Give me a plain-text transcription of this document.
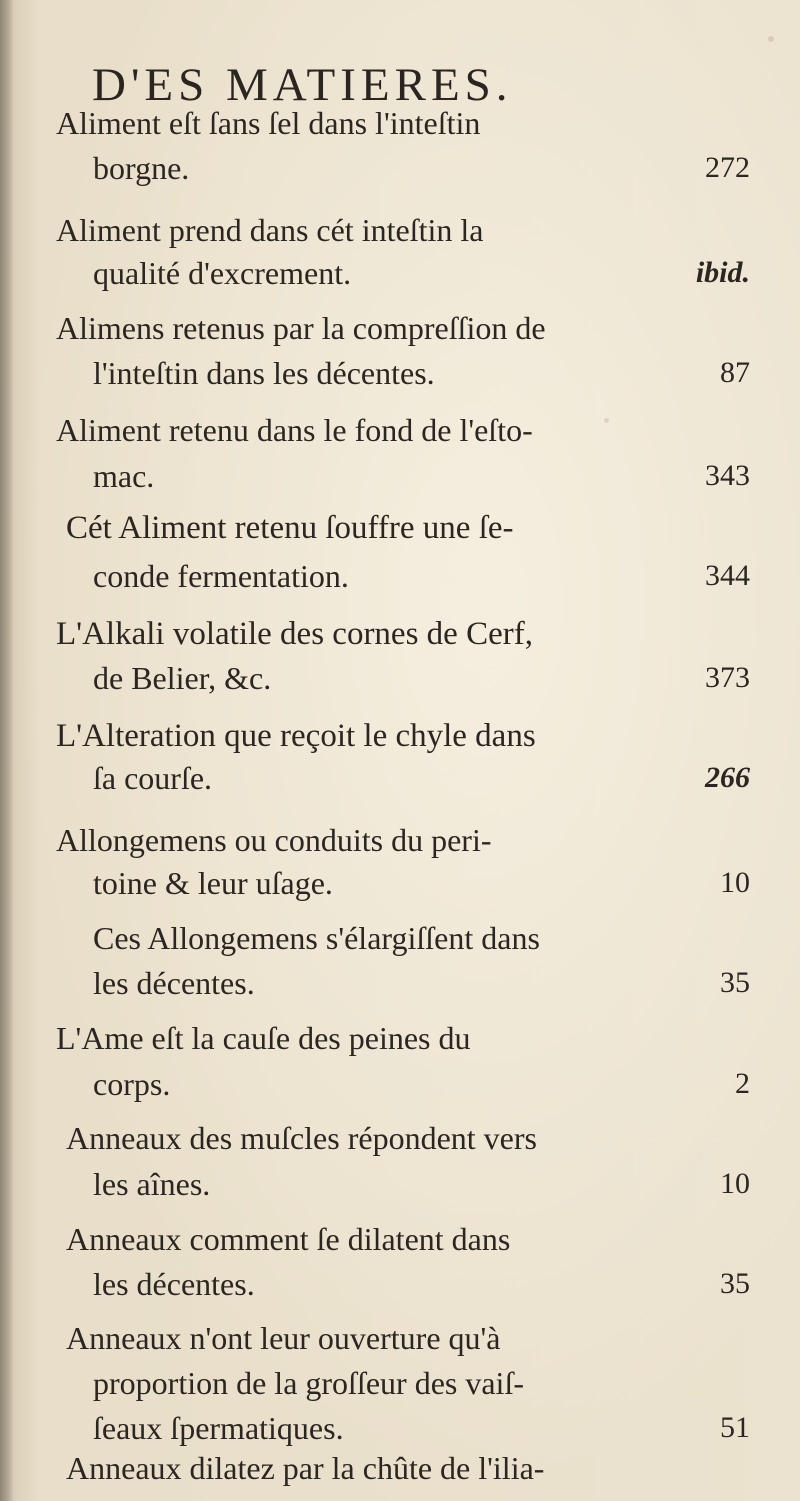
D'ES MATIERES.
Aliment eſt ſans ſel dans l'inteſtin
borgne.	272
Aliment prend dans cét inteſtin la
qualité d'excrement.	ibid.
Alimens retenus par la compreſſion de
l'inteſtin dans les décentes.	87
Aliment retenu dans le fond de l'eſto-
mac.	343
Cét Aliment retenu ſouffre une ſe-
conde fermentation.	344
L'Alkali volatile des cornes de Cerf,
de Belier, &c.	373
L'Alteration que reçoit le chyle dans
ſa courſe.	266
Allongemens ou conduits du peri-
toine & leur uſage.	10
Ces Allongemens s'élargiſſent dans
les décentes.	35
L'Ame eſt la cauſe des peines du
corps.	2
Anneaux des muſcles répondent vers
les aînes.	10
Anneaux comment ſe dilatent dans
les décentes.	35
Anneaux n'ont leur ouverture qu'à
proportion de la groſſeur des vaiſ-
ſeaux ſpermatiques.	51
Anneaux dilatez par la chûte de l'ilia-
